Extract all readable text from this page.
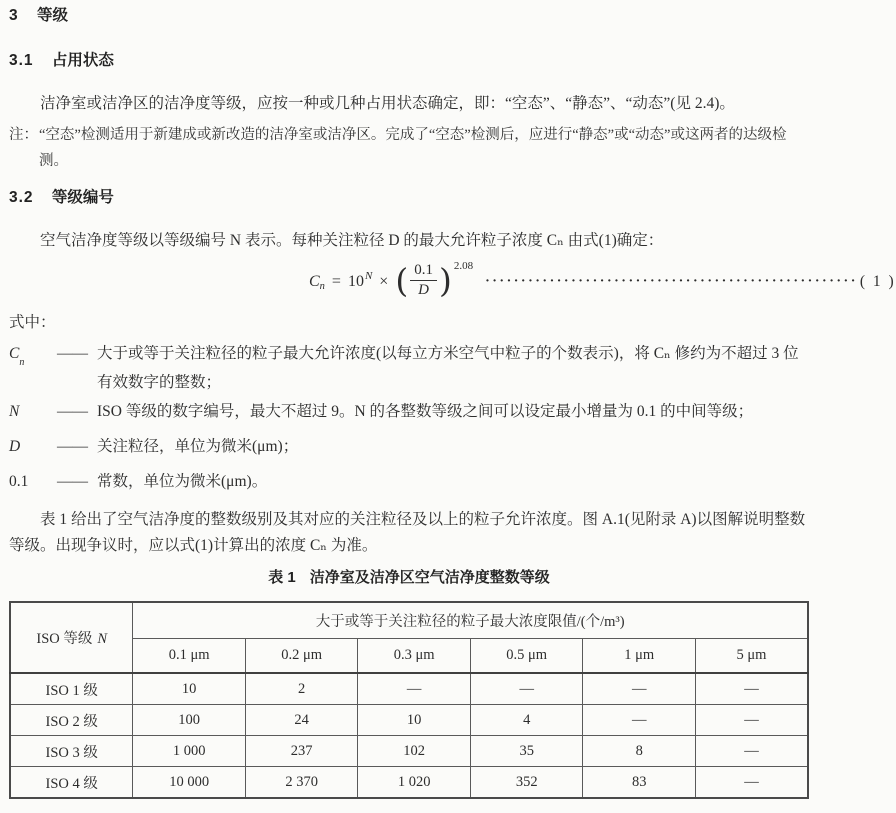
3 等级
3.1 占用状态

洁净室或洁净区的洁净度等级，应按一种或几种占用状态确定，即：“空态”、“静态”、“动态”(见 2.4)。

注： “空态”检测适用于新建成或新改造的洁净室或洁净区。完成了“空态”检测后，应进行“静态”或“动态”或这两者的达级检测。
3.2 等级编号

空气洁净度等级以等级编号 N 表示。每种关注粒径 D 的最大允许粒子浓度 Cₙ 由式(1)确定：

$C_n = 10^N$ × ( $\frac{0.1}{D} )^{2.08}$
···················································· ( 1 )

式中：

$C_n$
—— 大于或等于关注粒径的粒子最大允许浓度(以每立方米空气中粒子的个数表示)，将 Cₙ 修约为不超过 3 位有效数字的整数；
N	—— ISO 等级的数字编号，最大不超过 9。N 的各整数等级之间可以设定最小增量为 0.1 的中间等级；
D	—— 关注粒径，单位为微米(μm)；
0.1	—— 常数，单位为微米(μm)。

表 1 给出了空气洁净度的整数级别及其对应的关注粒径及以上的粒子允许浓度。图 A.1(见附录 A)以图解说明整数等级。出现争议时，应以式(1)计算出的浓度 Cₙ 为准。

表 1 洁净室及洁净区空气洁净度整数等级
ISO 等级 N	大于或等于关注粒径的粒子最大浓度限值/(个/m³)					
	0.1 μm	0.2 μm	0.3 μm	0.5 μm	1 μm	5 μm
ISO 1 级	10	2	—	—	—	—
ISO 2 级	100	24	10	4	—	—
ISO 3 级	1 000	237	102	35	8	—
ISO 4 级	10 000	2 370	1 020	352	83	—
